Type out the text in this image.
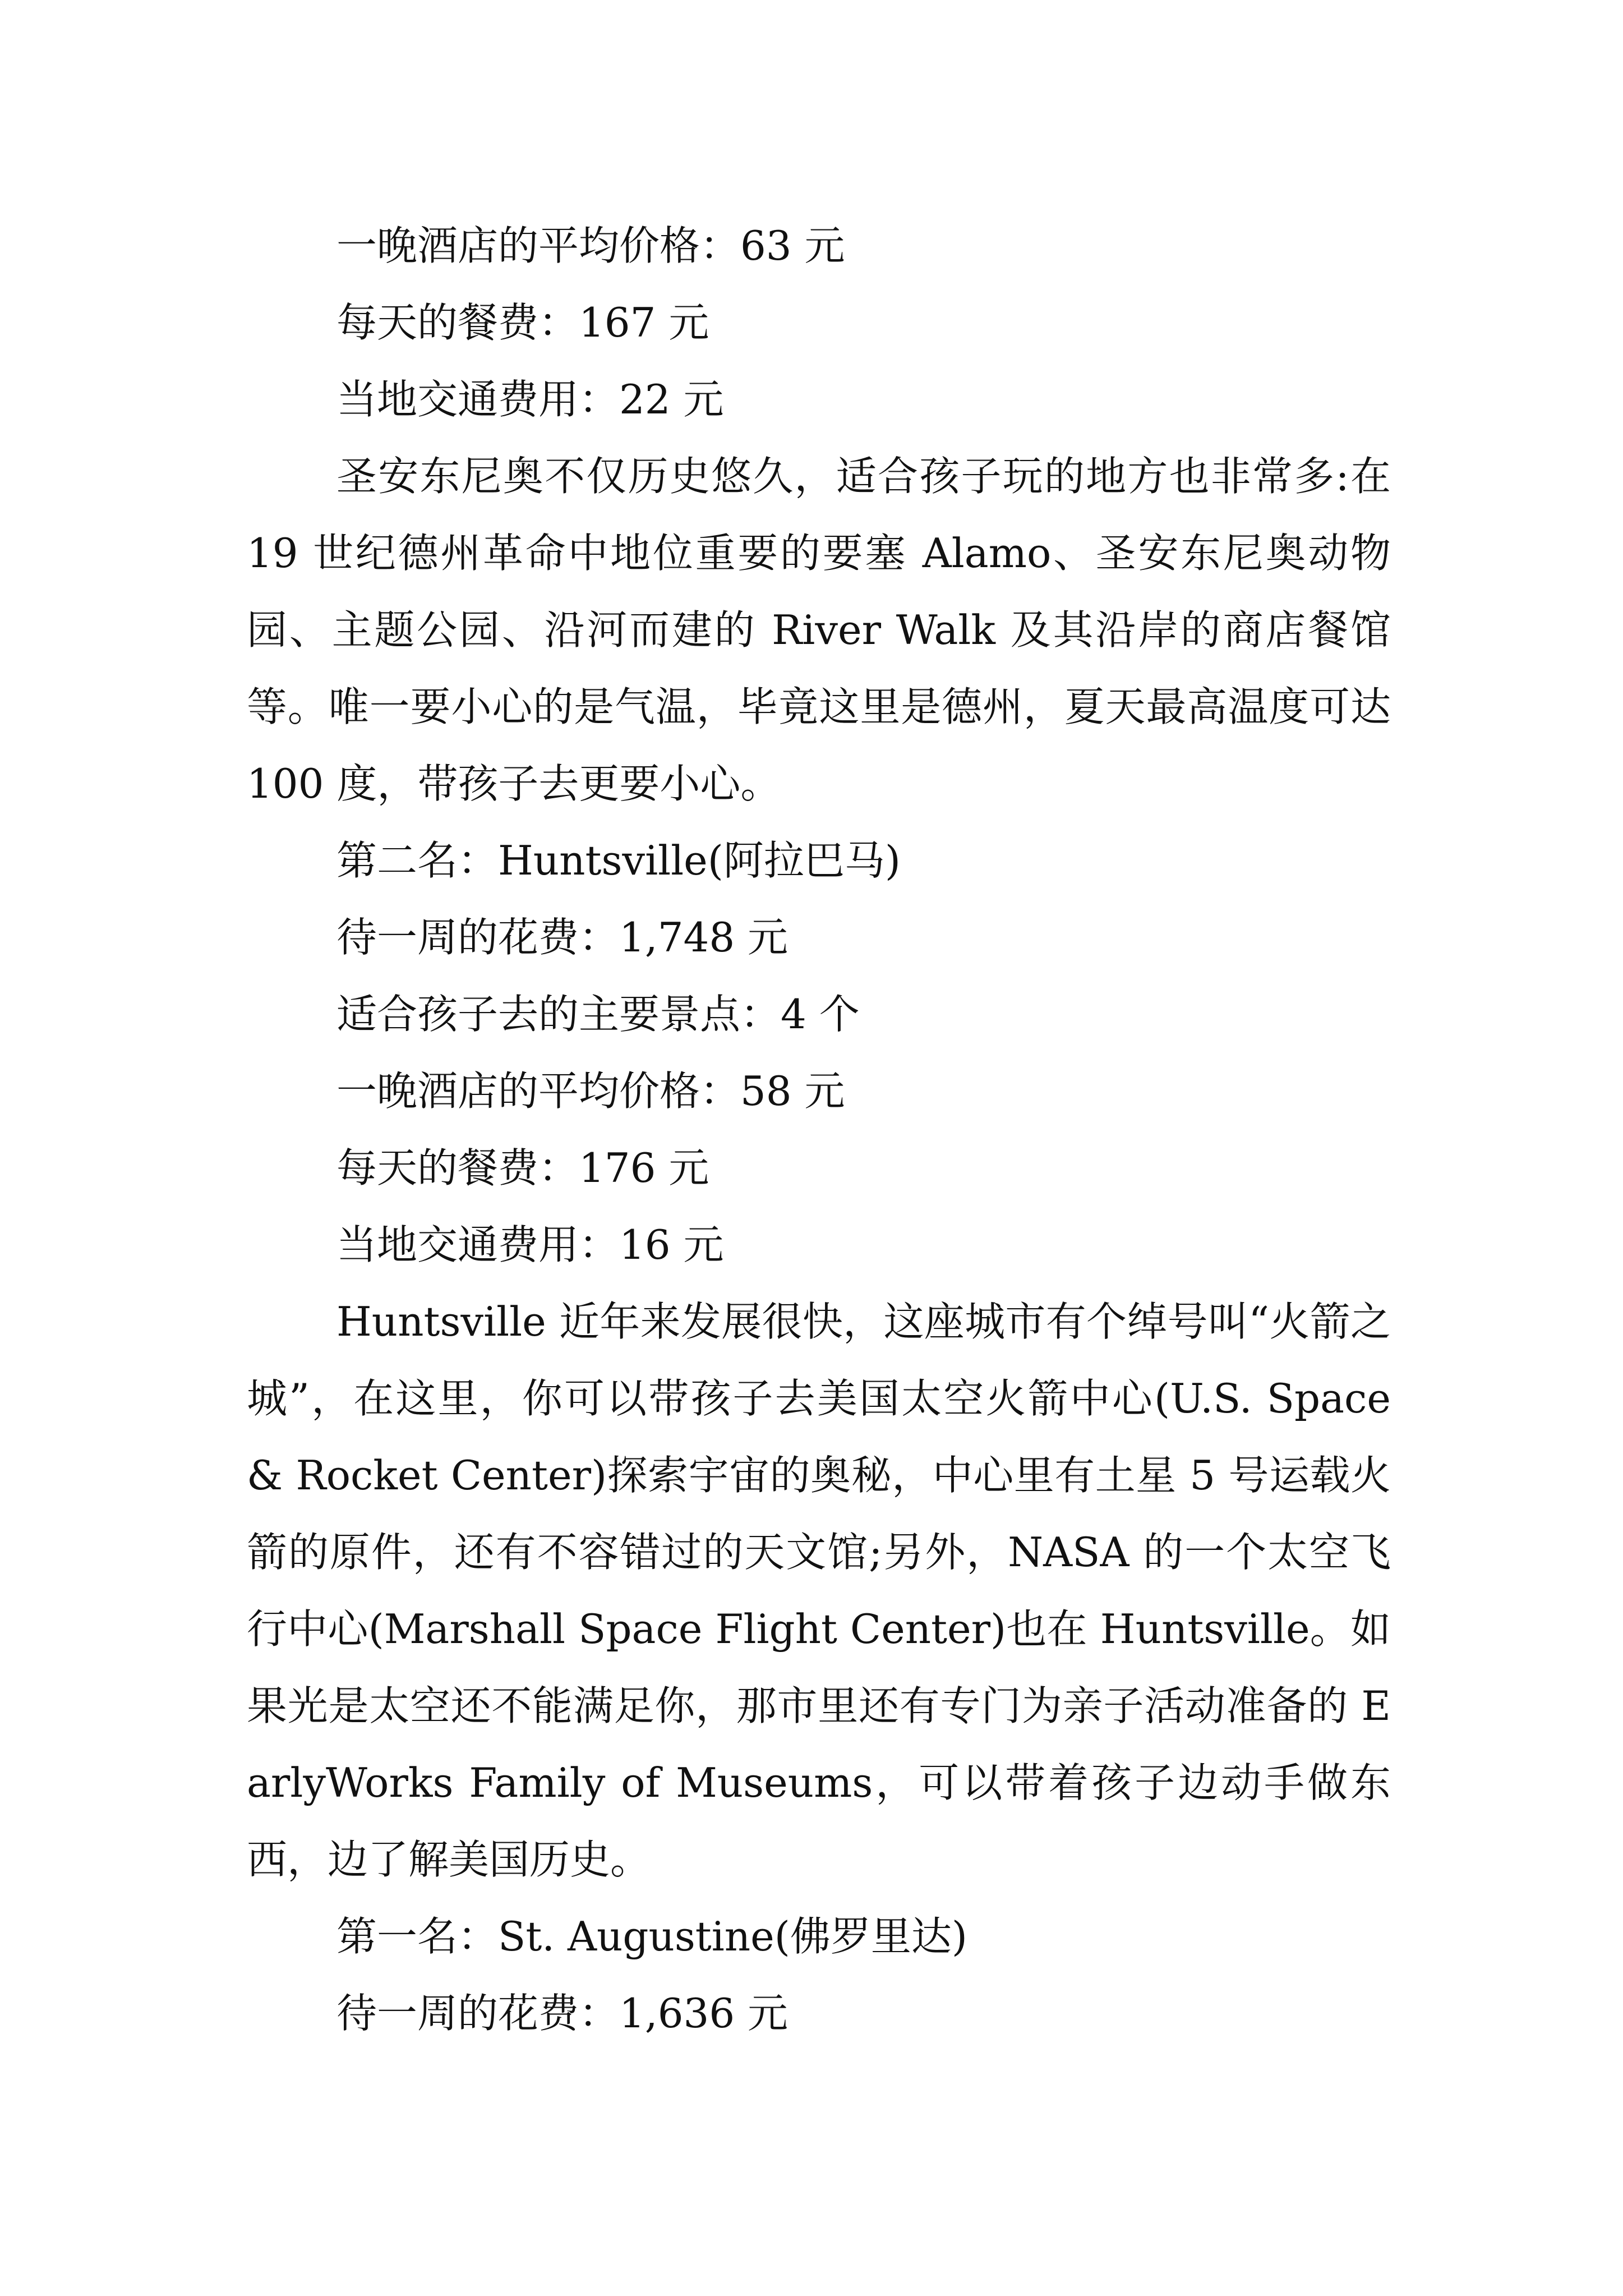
一晚酒店的平均价格：63 元
每天的餐费：167 元
当地交通费用：22 元

圣安东尼奥不仅历史悠久，适合孩子玩的地方也非常多:在 19 世纪德州革命中地位重要的要塞 Alamo、圣安东尼奥动物园、主题公园、沿河而建的 River Walk 及其沿岸的商店餐馆等。唯一要小心的是气温，毕竟这里是德州，夏天最高温度可达 100 度，带孩子去更要小心。

第二名：Huntsville(阿拉巴马)
待一周的花费：1,748 元
适合孩子去的主要景点：4 个
一晚酒店的平均价格：58 元
每天的餐费：176 元
当地交通费用：16 元

Huntsville 近年来发展很快，这座城市有个绰号叫“火箭之城”，在这里，你可以带孩子去美国太空火箭中心(U.S. Space & Rocket Center)探索宇宙的奥秘，中心里有土星 5 号运载火箭的原件，还有不容错过的天文馆;另外，NASA 的一个太空飞行中心(Marshall Space Flight Center)也在 Huntsville。如果光是太空还不能满足你，那市里还有专门为亲子活动准备的 EarlyWorks Family of Museums，可以带着孩子边动手做东西，边了解美国历史。

第一名：St. Augustine(佛罗里达)
待一周的花费：1,636 元
